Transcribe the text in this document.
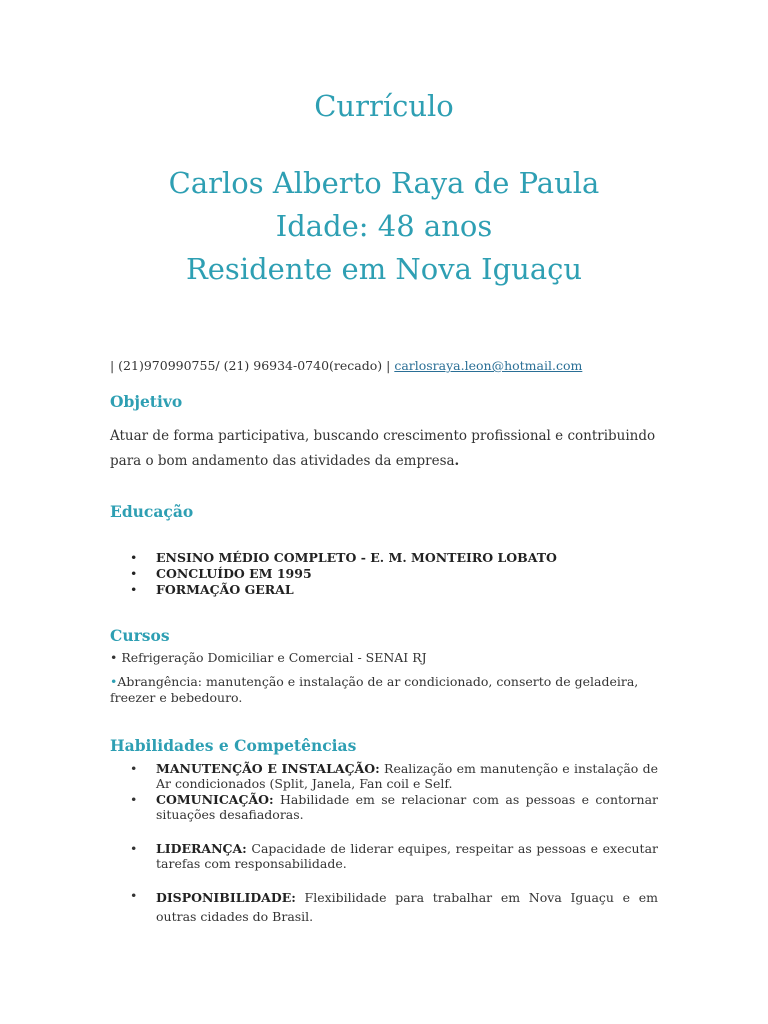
Currículo
Carlos Alberto Raya de Paula
Idade: 48 anos
Residente em Nova Iguaçu
| (21)970990755/ (21) 96934-0740(recado) | carlosraya.leon@hotmail.com
Objetivo
Atuar de forma participativa, buscando crescimento profissional e contribuindo
para o bom andamento das atividades da empresa.
Educação
• ENSINO MÉDIO COMPLETO - E. M. MONTEIRO LOBATO
• CONCLUÍDO EM 1995
• FORMAÇÃO GERAL
Cursos
• Refrigeração Domiciliar e Comercial - SENAI RJ
•Abrangência: manutenção e instalação de ar condicionado, conserto de geladeira, freezer e bebedouro.
Habilidades e Competências
• MANUTENÇÃO E INSTALAÇÃO: Realização em manutenção e instalação de Ar condicionados (Split, Janela, Fan coil e Self.
• COMUNICAÇÃO: Habilidade em se relacionar com as pessoas e contornar situações desafiadoras.
• LIDERANÇA: Capacidade de liderar equipes, respeitar as pessoas e executar tarefas com responsabilidade.
• DISPONIBILIDADE: Flexibilidade para trabalhar em Nova Iguaçu e em outras cidades do Brasil.
